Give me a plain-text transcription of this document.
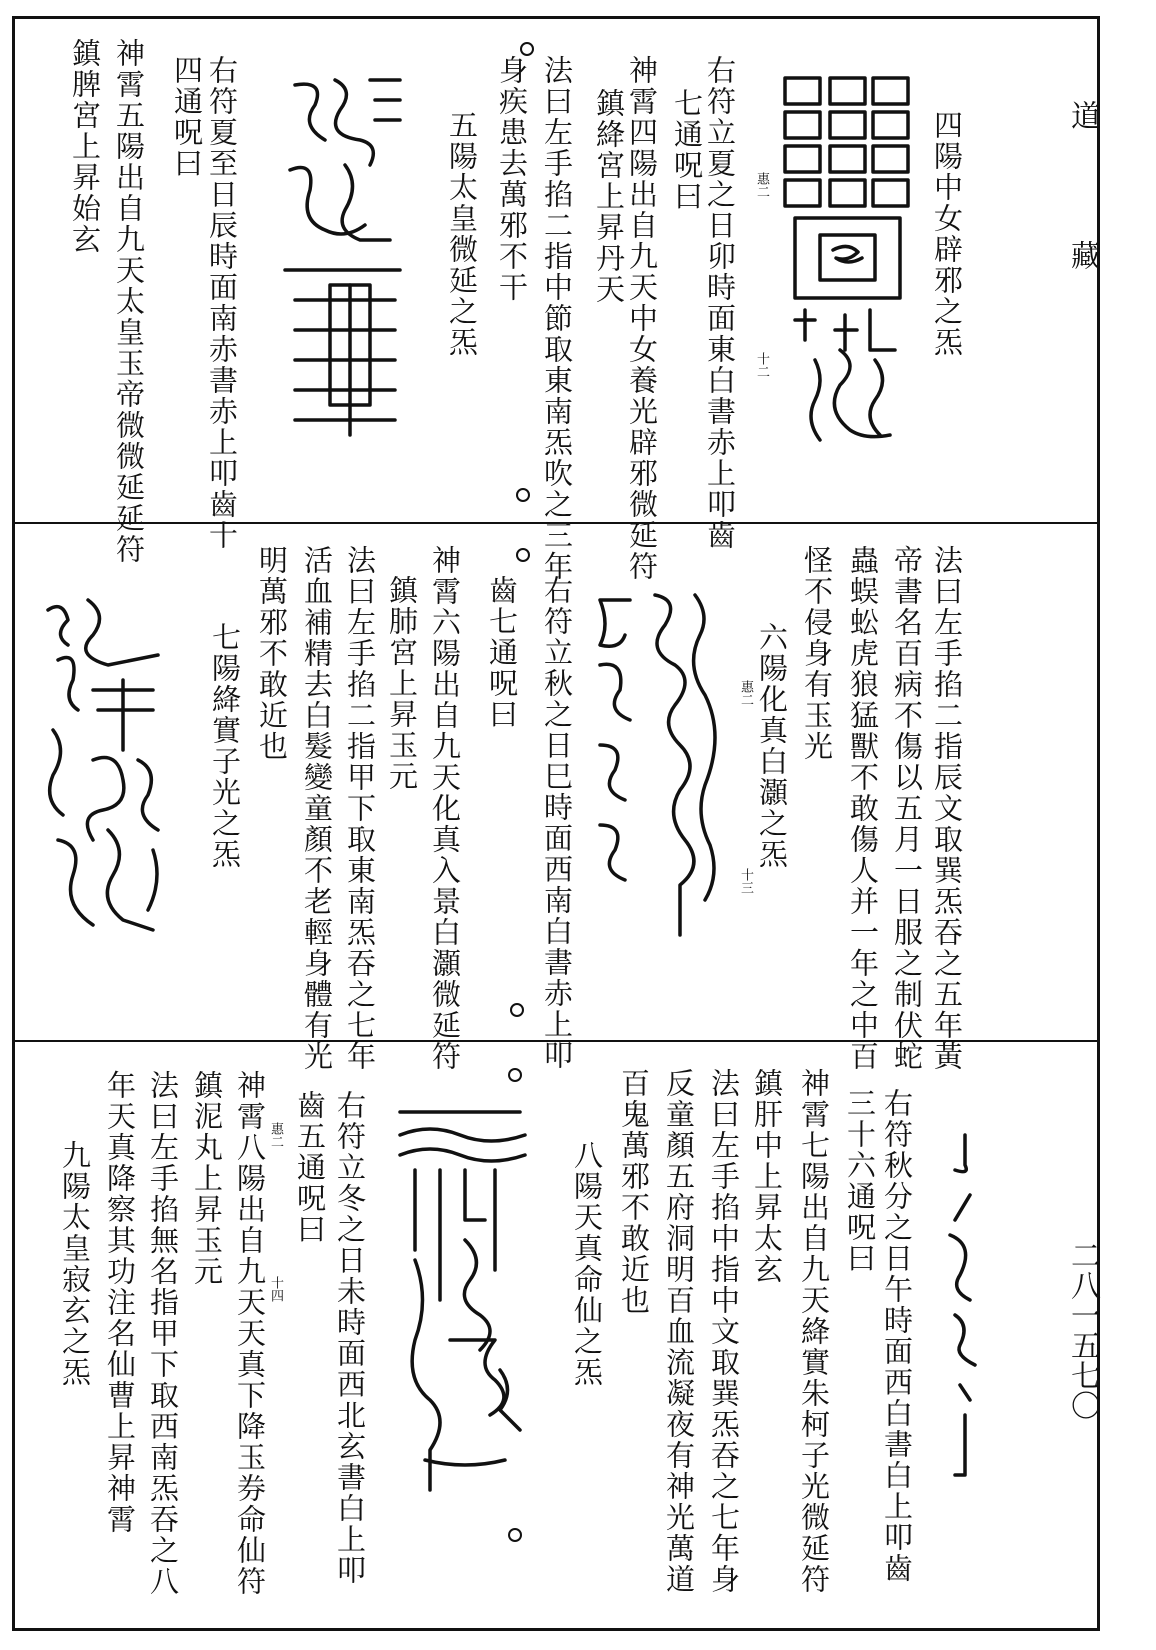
道
藏
二八一五七〇
四陽中女辟邪之炁
右符立夏之日卯時面東白書赤上叩齒 惠二
十二
七通呪曰
神霄四陽出自九天中女養光辟邪微延符
鎮絳宮上昇丹天
法曰左手掐二指中節取東南炁吹之三年
身疾患去萬邪不干
五陽太皇微延之炁
右符夏至日辰時面南赤書赤上叩齒十
四通呪曰
神霄五陽出自九天太皇玉帝微微延延符
鎮脾宮上昇始玄
法曰左手掐二指辰文取巽炁吞之五年黃
帝書名百病不傷以五月一日服之制伏蛇
蟲蜈蚣虎狼猛獸不敢傷人并一年之中百
怪不侵身有玉光
六陽化真白灝之炁
惠二
十三
右符立秋之日巳時面西南白書赤上叩
齒七通呪曰
神霄六陽出自九天化真入景白灝微延符
鎮肺宮上昇玉元
法曰左手掐二指甲下取東南炁吞之七年
活血補精去白髮變童顏不老輕身體有光
明萬邪不敢近也
七陽絳實子光之炁
右符秋分之日午時面西白書白上叩齒
三十六通呪曰
神霄七陽出自九天絳實朱柯子光微延符
鎮肝中上昇太玄
法曰左手掐中指中文取巽炁吞之七年身
反童顏五府洞明百血流凝夜有神光萬道
百鬼萬邪不敢近也
八陽天真命仙之炁
右符立冬之日未時面西北玄書白上叩
齒五通呪曰
惠二
十四
神霄八陽出自九天天真下降玉券命仙符
鎮泥丸上昇玉元
法曰左手掐無名指甲下取西南炁吞之八
年天真降察其功注名仙曹上昇神霄
九陽太皇寂玄之炁
